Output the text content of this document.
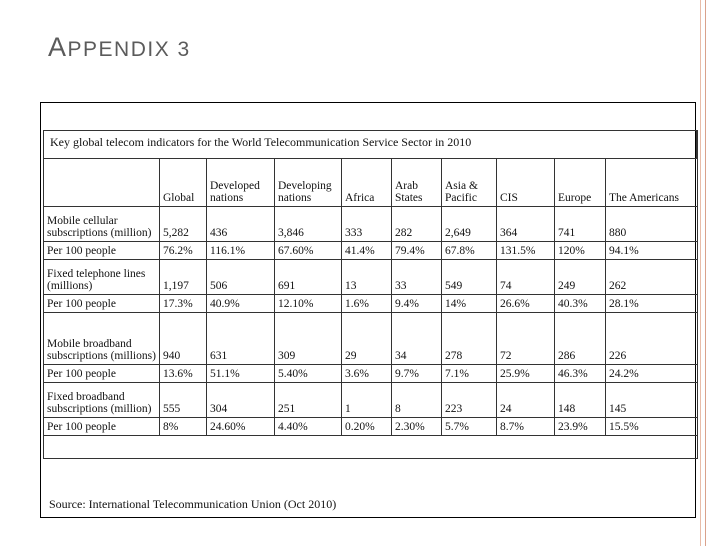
APPENDIX 3
Key global telecom indicators for the World Telecommunication Service Sector in 2010

	Global	Developed nations	Developing nations	Africa	Arab States	Asia & Pacific	CIS	Europe	The Americans
Mobile cellular subscriptions (million)	5,282	436	3,846	333	282	2,649	364	741	880
Per 100 people	76.2%	116.1%	67.60%	41.4%	79.4%	67.8%	131.5%	120%	94.1%
Fixed telephone lines (millions)	1,197	506	691	13	33	549	74	249	262
Per 100 people	17.3%	40.9%	12.10%	1.6%	9.4%	14%	26.6%	40.3%	28.1%
Mobile broadband subscriptions (millions)	940	631	309	29	34	278	72	286	226
Per 100 people	13.6%	51.1%	5.40%	3.6%	9.7%	7.1%	25.9%	46.3%	24.2%
Fixed broadband subscriptions (million)	555	304	251	1	8	223	24	148	145
Per 100 people	8%	24.60%	4.40%	0.20%	2.30%	5.7%	8.7%	23.9%	15.5%

Source: International Telecommunication Union (Oct 2010)
